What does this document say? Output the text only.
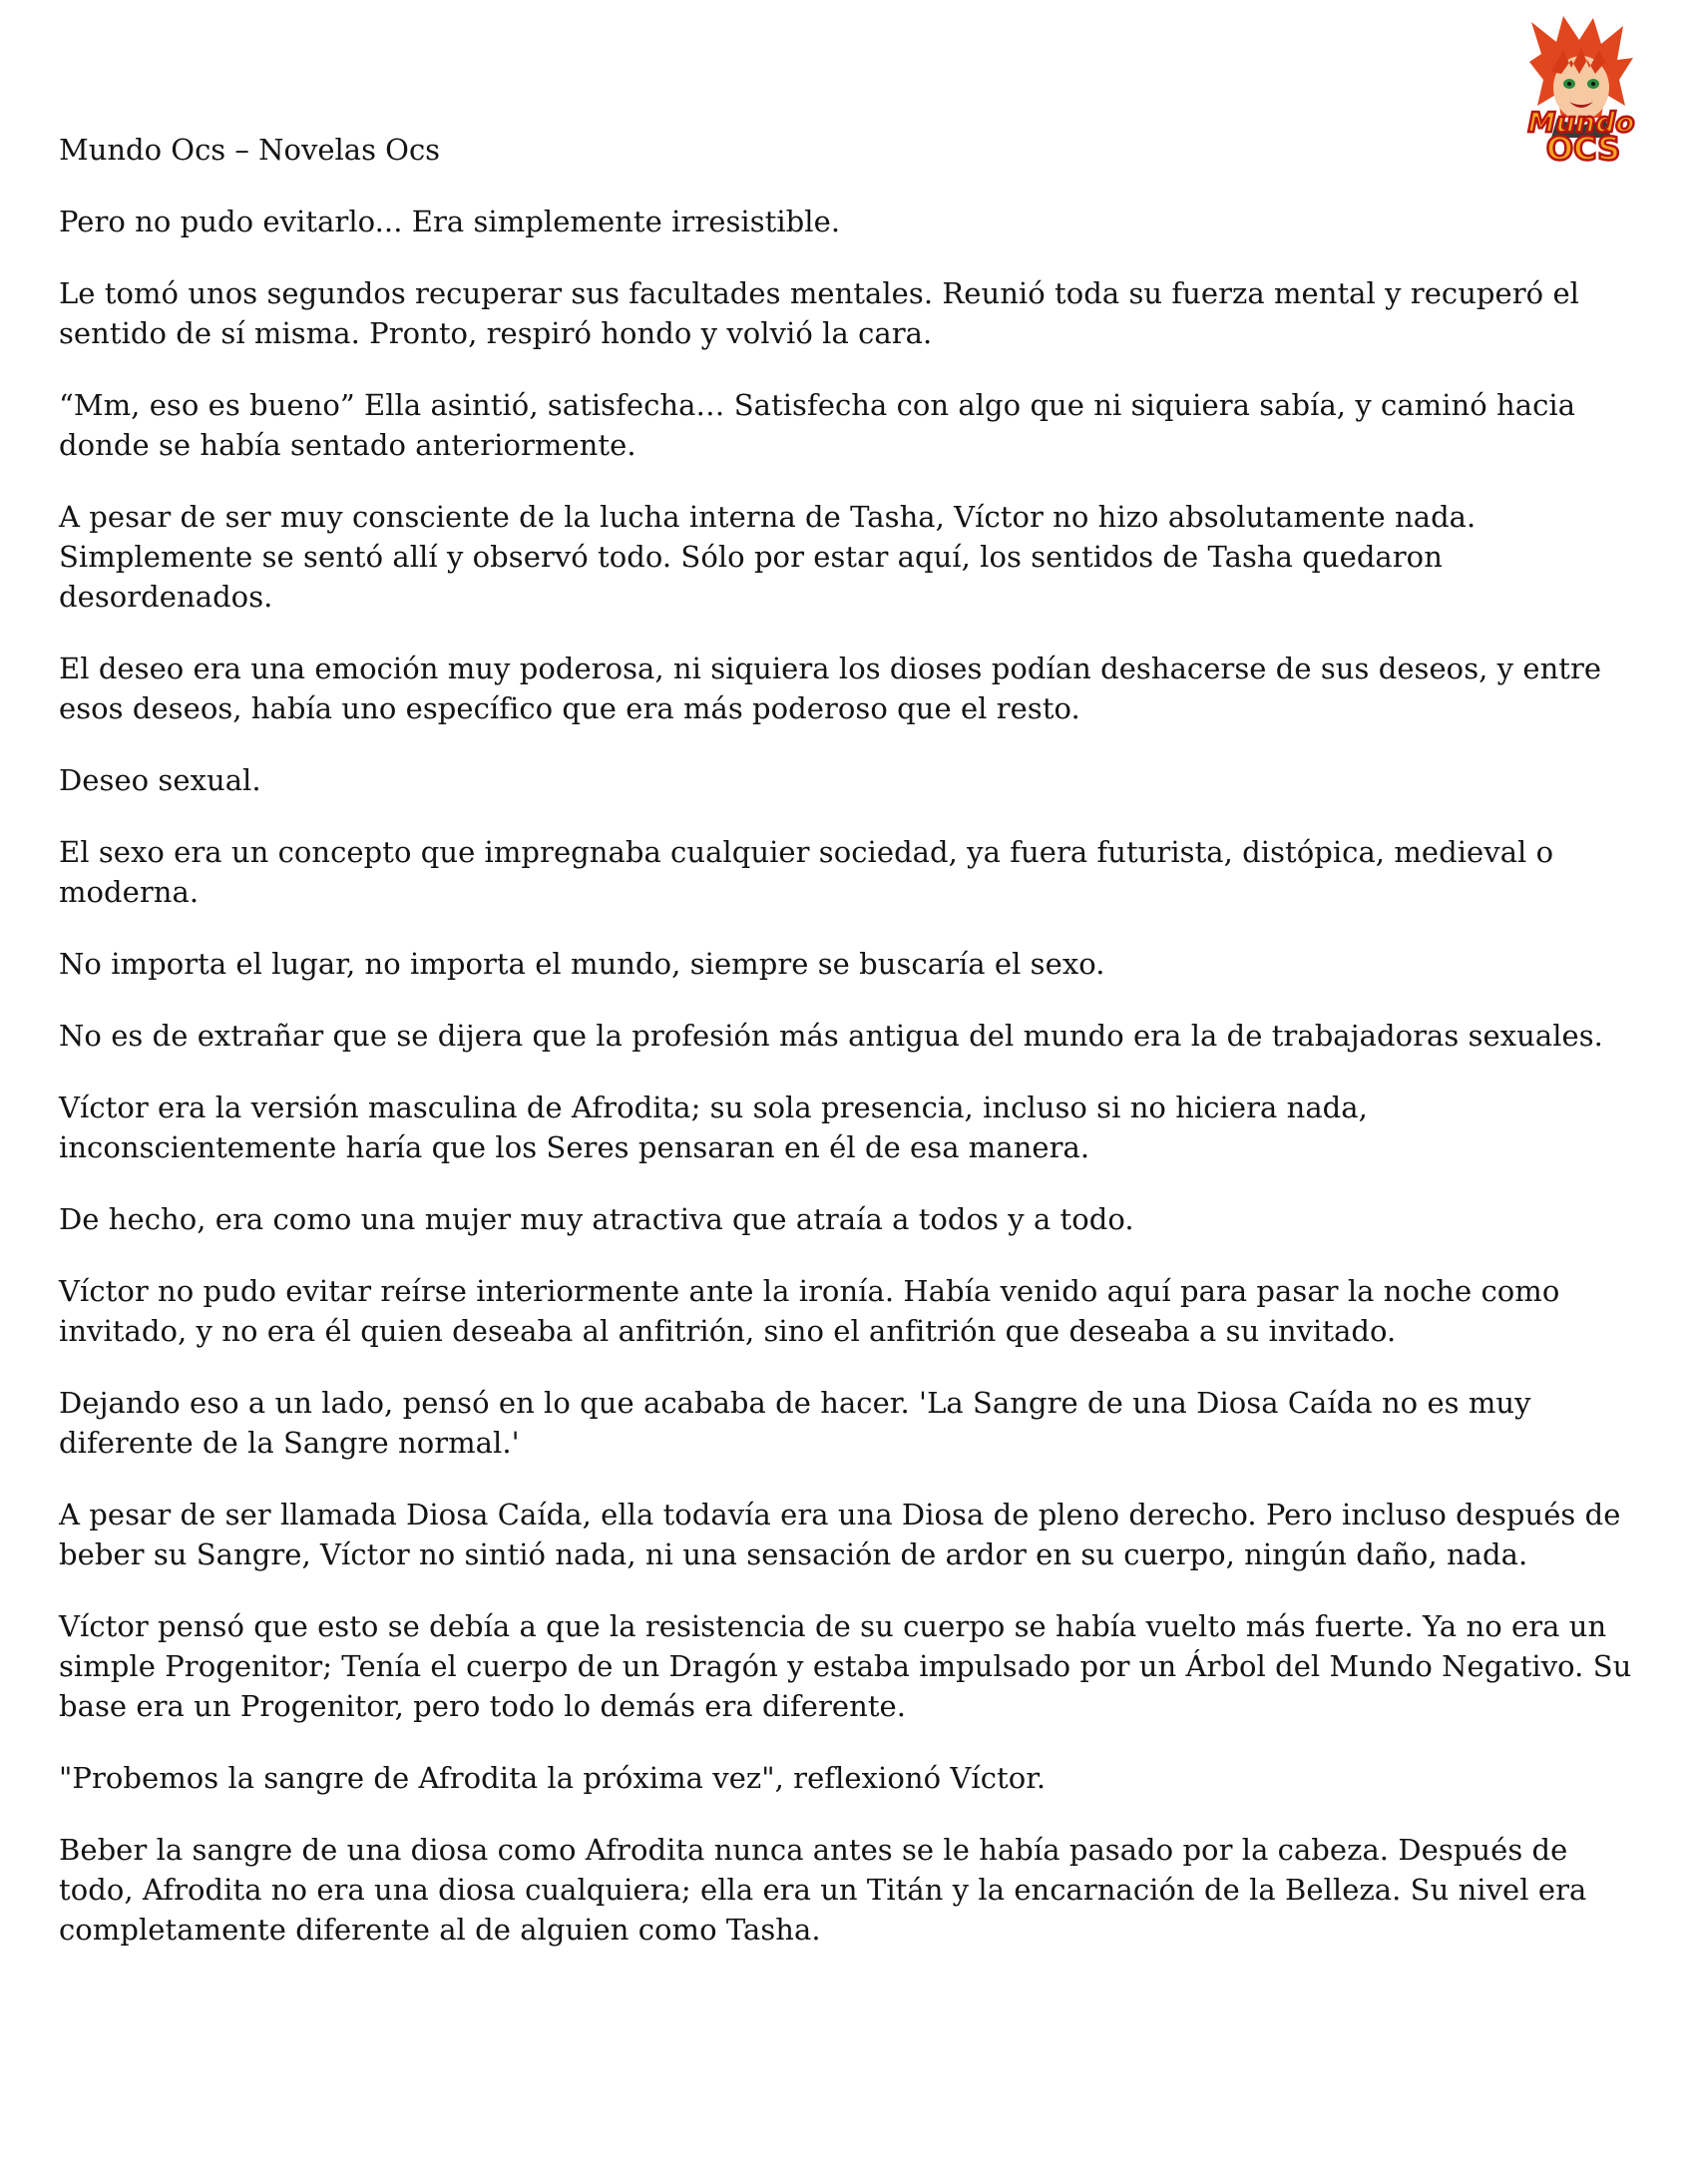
Mundo
OCS
Mundo Ocs – Novelas Ocs

Pero no pudo evitarlo... Era simplemente irresistible.

Le tomó unos segundos recuperar sus facultades mentales. Reunió toda su fuerza mental y recuperó el sentido de sí misma. Pronto, respiró hondo y volvió la cara.

“Mm, eso es bueno” Ella asintió, satisfecha… Satisfecha con algo que ni siquiera sabía, y caminó hacia donde se había sentado anteriormente.

A pesar de ser muy consciente de la lucha interna de Tasha, Víctor no hizo absolutamente nada. Simplemente se sentó allí y observó todo. Sólo por estar aquí, los sentidos de Tasha quedaron desordenados.

El deseo era una emoción muy poderosa, ni siquiera los dioses podían deshacerse de sus deseos, y entre esos deseos, había uno específico que era más poderoso que el resto.

Deseo sexual.

El sexo era un concepto que impregnaba cualquier sociedad, ya fuera futurista, distópica, medieval o moderna.

No importa el lugar, no importa el mundo, siempre se buscaría el sexo.

No es de extrañar que se dijera que la profesión más antigua del mundo era la de trabajadoras sexuales.

Víctor era la versión masculina de Afrodita; su sola presencia, incluso si no hiciera nada, inconscientemente haría que los Seres pensaran en él de esa manera.

De hecho, era como una mujer muy atractiva que atraía a todos y a todo.

Víctor no pudo evitar reírse interiormente ante la ironía. Había venido aquí para pasar la noche como invitado, y no era él quien deseaba al anfitrión, sino el anfitrión que deseaba a su invitado.

Dejando eso a un lado, pensó en lo que acababa de hacer. 'La Sangre de una Diosa Caída no es muy diferente de la Sangre normal.'

A pesar de ser llamada Diosa Caída, ella todavía era una Diosa de pleno derecho. Pero incluso después de beber su Sangre, Víctor no sintió nada, ni una sensación de ardor en su cuerpo, ningún daño, nada.

Víctor pensó que esto se debía a que la resistencia de su cuerpo se había vuelto más fuerte. Ya no era un simple Progenitor; Tenía el cuerpo de un Dragón y estaba impulsado por un Árbol del Mundo Negativo. Su base era un Progenitor, pero todo lo demás era diferente.

"Probemos la sangre de Afrodita la próxima vez", reflexionó Víctor.

Beber la sangre de una diosa como Afrodita nunca antes se le había pasado por la cabeza. Después de todo, Afrodita no era una diosa cualquiera; ella era un Titán y la encarnación de la Belleza. Su nivel era completamente diferente al de alguien como Tasha.
